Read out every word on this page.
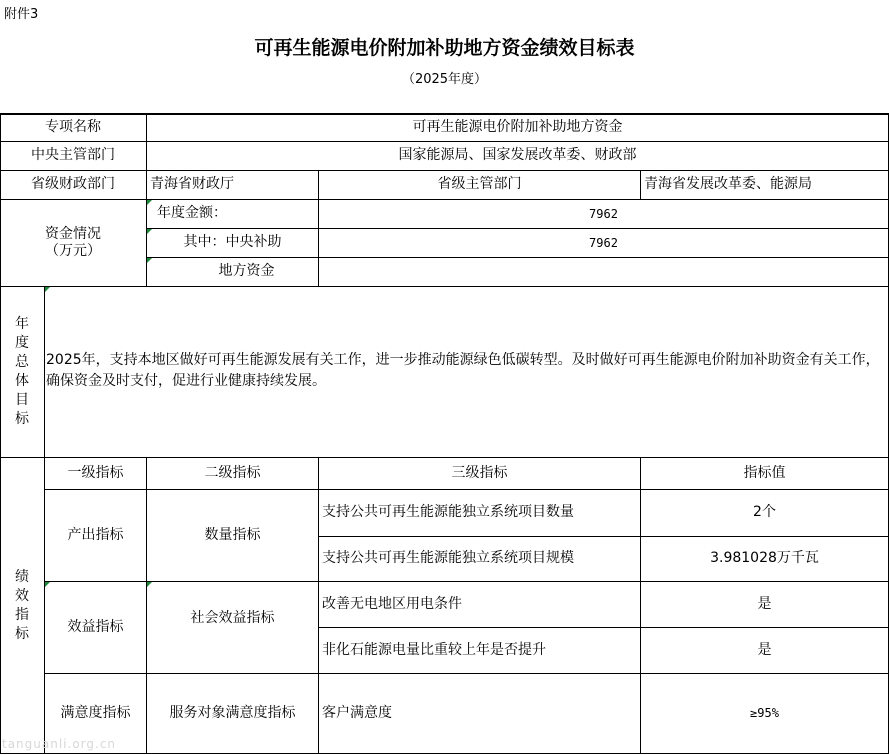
附件3
可再生能源电价附加补助地方资金绩效目标表
（2025年度）
专项名称	可再生能源电价附加补助地方资金
中央主管部门	国家能源局、国家发展改革委、财政部
省级财政部门	青海省财政厅	省级主管部门	青海省发展改革委、能源局
资金情况
（万元）
年度金额：	7962
其中：中央补助	7962
地方资金
年
度
总
体
目
标
2025年，支持本地区做好可再生能源发展有关工作，进一步推动能源绿色低碳转型。及时做好可再生能源电价附加补助资金有关工作，确保资金及时支付，促进行业健康持续发展。
绩
效
指
标
一级指标	二级指标	三级指标	指标值
产出指标	数量指标
支持公共可再生能源能独立系统项目数量	2个
支持公共可再生能源能独立系统项目规模	3.981028万千瓦
效益指标
社会效益指标
改善无电地区用电条件	是
非化石能源电量比重较上年是否提升	是
满意度指标	服务对象满意度指标	客户满意度	≥95%
tanguanli.org.cn
